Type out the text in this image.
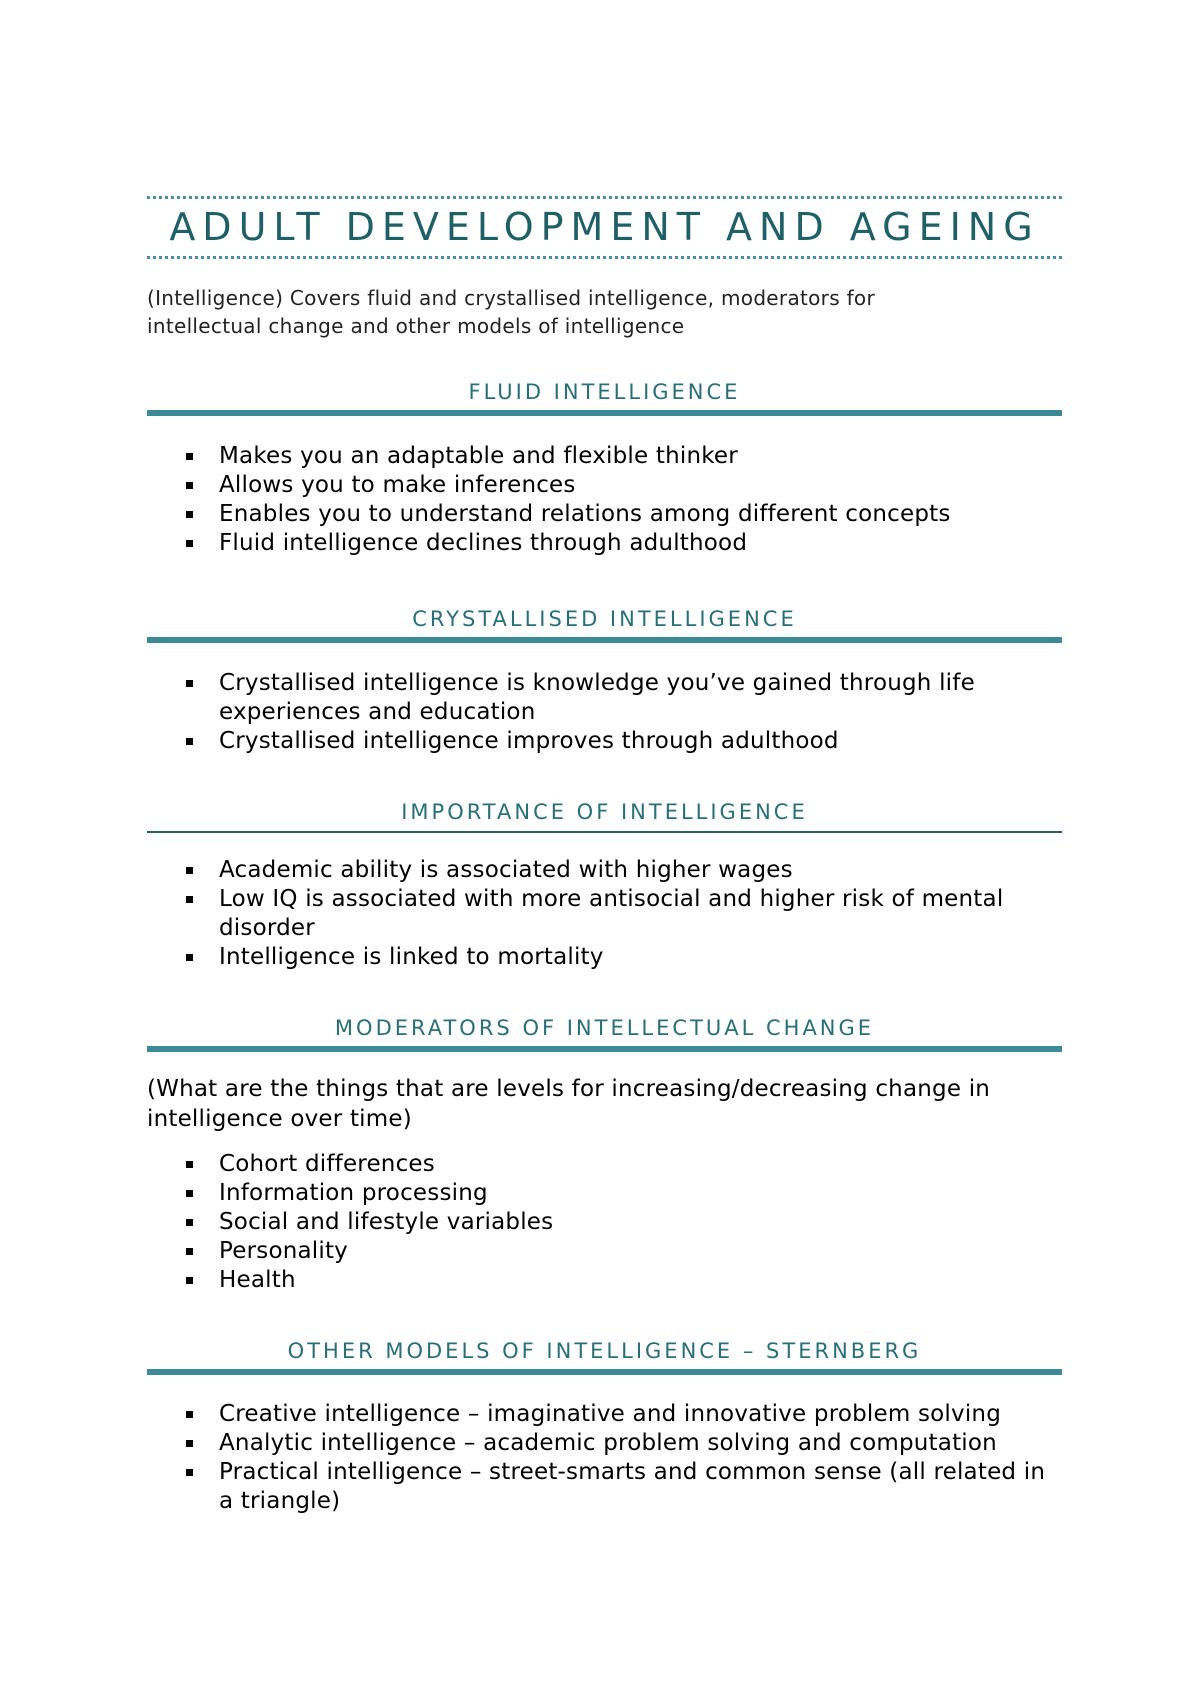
ADULT DEVELOPMENT AND AGEING
(Intelligence) Covers fluid and crystallised intelligence, moderators for
intellectual change and other models of intelligence
FLUID INTELLIGENCE
Makes you an adaptable and flexible thinker
Allows you to make inferences
Enables you to understand relations among different concepts
Fluid intelligence declines through adulthood
CRYSTALLISED INTELLIGENCE
Crystallised intelligence is knowledge you’ve gained through life experiences and education
Crystallised intelligence improves through adulthood
IMPORTANCE OF INTELLIGENCE
Academic ability is associated with higher wages
Low IQ is associated with more antisocial and higher risk of mental disorder
Intelligence is linked to mortality
MODERATORS OF INTELLECTUAL CHANGE
(What are the things that are levels for increasing/decreasing change in intelligence over time)
Cohort differences
Information processing
Social and lifestyle variables
Personality
Health
OTHER MODELS OF INTELLIGENCE – STERNBERG
Creative intelligence – imaginative and innovative problem solving
Analytic intelligence – academic problem solving and computation
Practical intelligence – street-smarts and common sense (all related in a triangle)
